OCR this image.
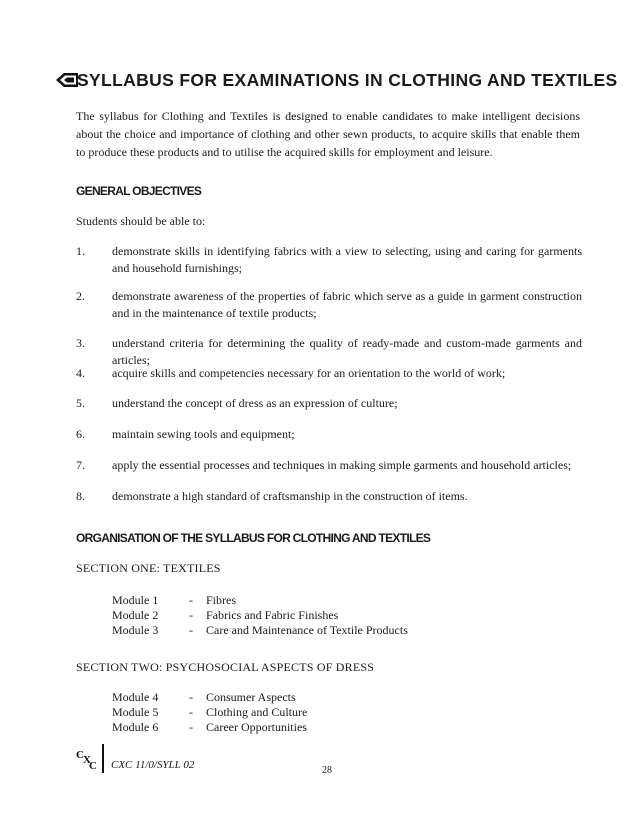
SYLLABUS FOR EXAMINATIONS IN CLOTHING AND TEXTILES

The syllabus for Clothing and Textiles is designed to enable candidates to make intelligent decisions about the choice and importance of clothing and other sewn products, to acquire skills that enable them to produce these products and to utilise the acquired skills for employment and leisure.

GENERAL OBJECTIVES
Students should be able to:
1. demonstrate skills in identifying fabrics with a view to selecting, using and caring for garments and household furnishings;
2. demonstrate awareness of the properties of fabric which serve as a guide in garment construction and in the maintenance of textile products;
3. understand criteria for determining the quality of ready-made and custom-made garments and articles;
4. acquire skills and competencies necessary for an orientation to the world of work;
5. understand the concept of dress as an expression of culture;
6. maintain sewing tools and equipment;
7. apply the essential processes and techniques in making simple garments and household articles;
8. demonstrate a high standard of craftsmanship in the construction of items.
ORGANISATION OF THE SYLLABUS FOR CLOTHING AND TEXTILES
SECTION ONE: TEXTILES
Module 1	- Fibres
Module 2	- Fabrics and Fabric Finishes
Module 3	- Care and Maintenance of Textile Products
SECTION TWO: PSYCHOSOCIAL ASPECTS OF DRESS
Module 4	- Consumer Aspects
Module 5	- Clothing and Culture
Module 6	- Career Opportunities
C X
C CXC 11/0/SYLL 02	28
